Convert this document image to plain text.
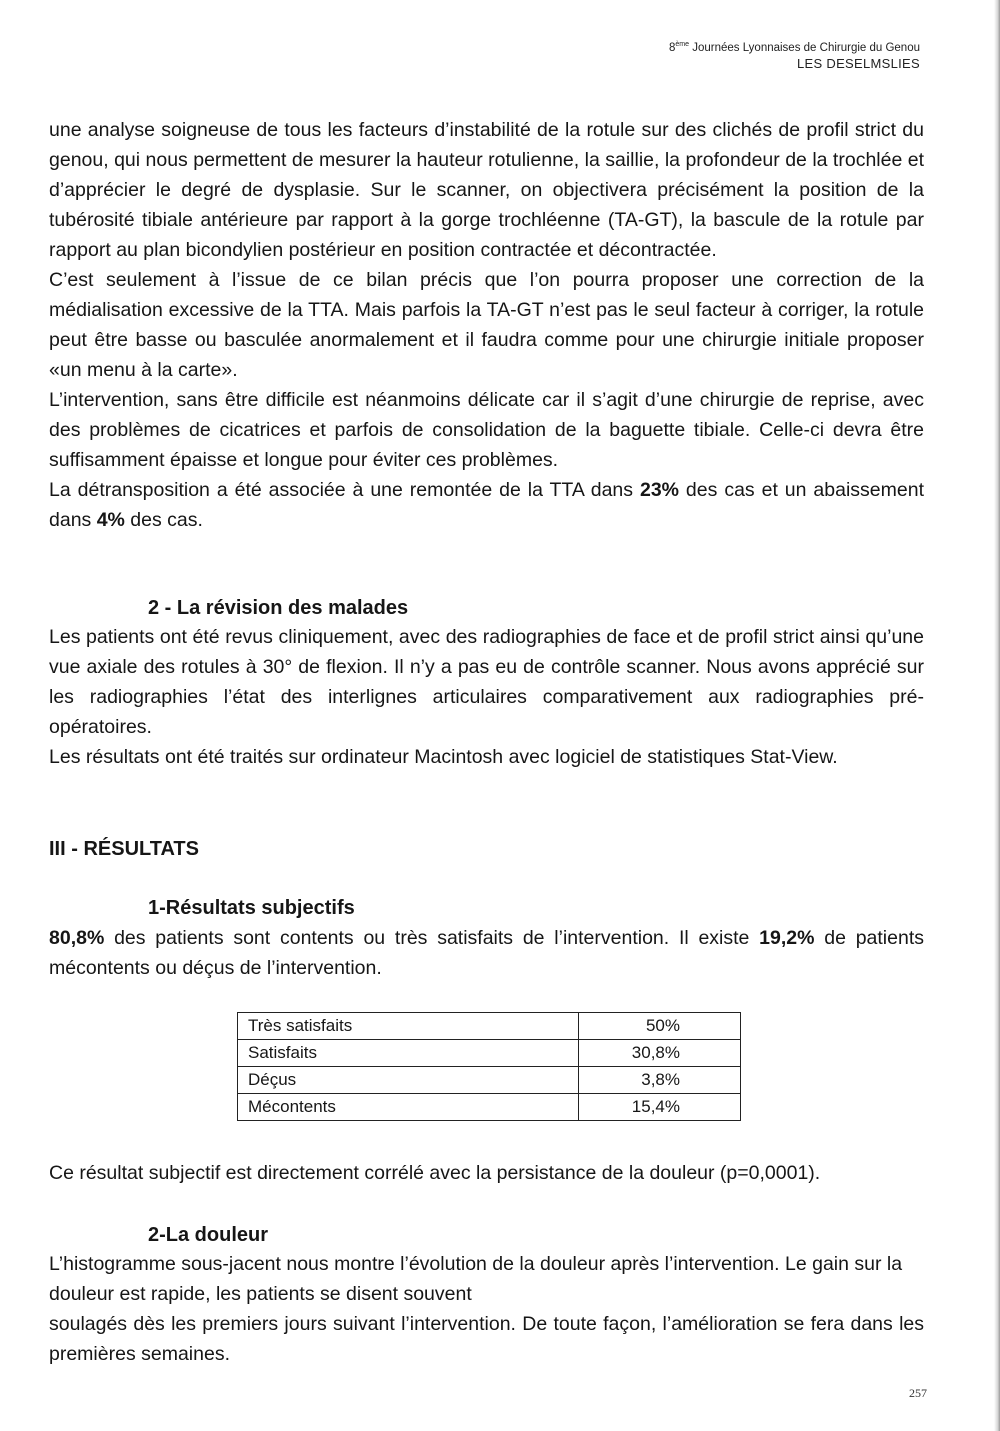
8ème Journées Lyonnaises de Chirurgie du Genou
LES DESELMSLIES

une analyse soigneuse de tous les facteurs d’instabilité de la rotule sur des clichés de profil strict du genou, qui nous permettent de mesurer la hauteur rotulienne, la saillie, la profondeur de la trochlée et d’apprécier le degré de dysplasie. Sur le scanner, on objectivera précisément la position de la tubérosité tibiale antérieure par rapport à la gorge trochléenne (TA-GT), la bascule de la rotule par rapport au plan bicondylien postérieur en position contractée et décontractée.

C’est seulement à l’issue de ce bilan précis que l’on pourra proposer une correction de la médialisation excessive de la TTA. Mais parfois la TA-GT n’est pas le seul facteur à corriger, la rotule peut être basse ou basculée anormalement et il faudra comme pour une chirurgie initiale proposer «un menu à la carte».

L’intervention, sans être difficile est néanmoins délicate car il s’agit d’une chirurgie de reprise, avec des problèmes de cicatrices et parfois de consolidation de la baguette tibiale. Celle-ci devra être suffisamment épaisse et longue pour éviter ces problèmes.

La détransposition a été associée à une remontée de la TTA dans 23% des cas et un abaissement dans 4% des cas.

2 - La révision des malades

Les patients ont été revus cliniquement, avec des radiographies de face et de profil strict ainsi qu’une vue axiale des rotules à 30° de flexion. Il n’y a pas eu de contrôle scanner. Nous avons apprécié sur les radiographies l’état des interlignes articulaires comparativement aux radiographies pré-opératoires.

Les résultats ont été traités sur ordinateur Macintosh avec logiciel de statistiques Stat-View.

III - RÉSULTATS
1-Résultats subjectifs

80,8% des patients sont contents ou très satisfaits de l’intervention. Il existe 19,2% de patients mécontents ou déçus de l’intervention.

Très satisfaits	50%
Satisfaits	30,8%
Déçus	3,8%
Mécontents	15,4%

Ce résultat subjectif est directement corrélé avec la persistance de la douleur (p=0,0001).

2-La douleur

L’histogramme sous-jacent nous montre l’évolution de la douleur après l’intervention. Le gain sur la douleur est rapide, les patients se disent souvent

soulagés dès les premiers jours suivant l’intervention. De toute façon, l’amélioration se fera dans les premières semaines.

257
